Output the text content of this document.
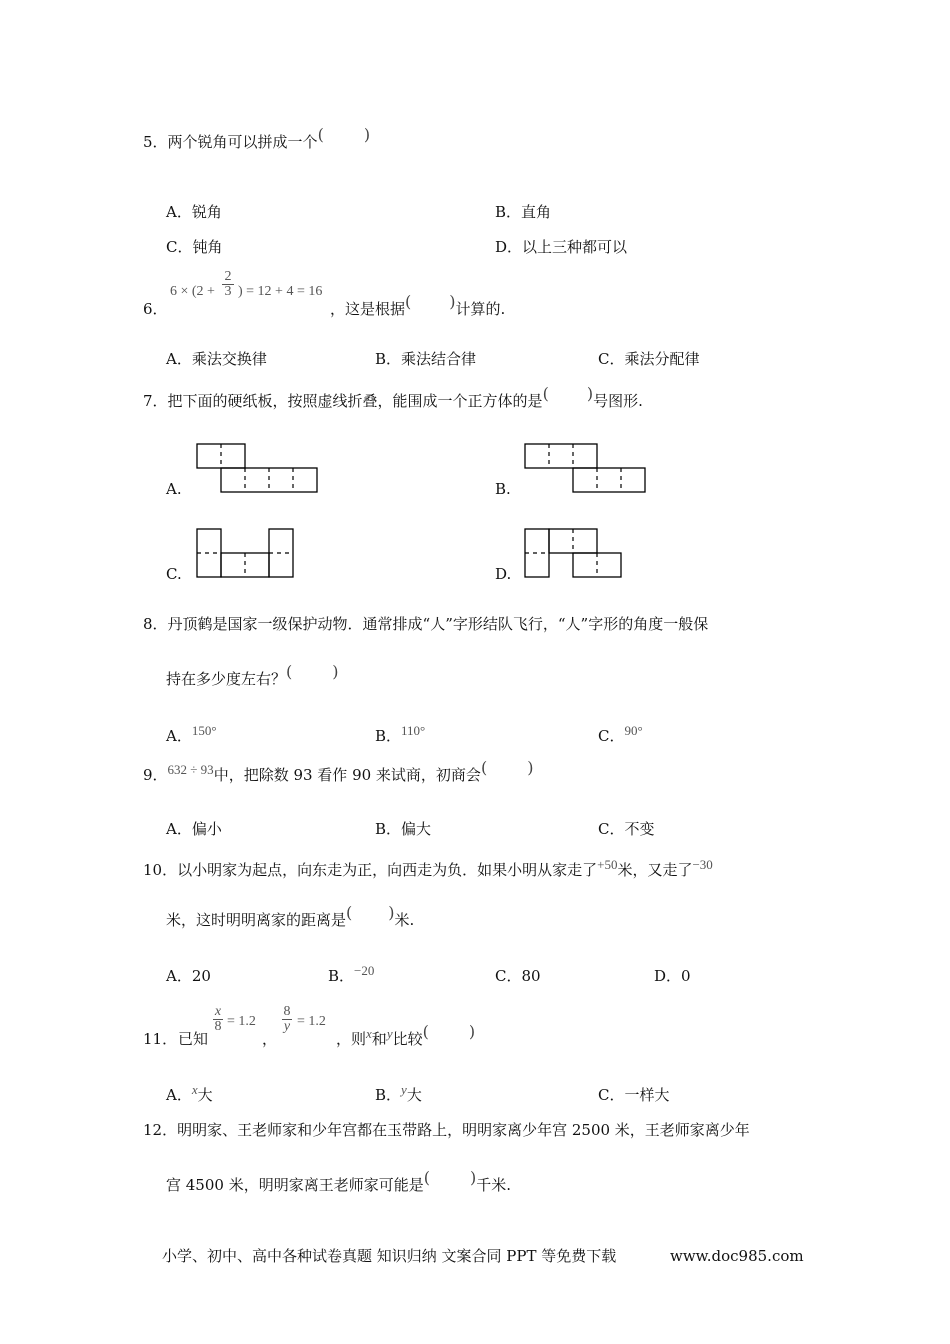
5．两个锐角可以拼成一个(	)
A．锐角	B．直角
C．钝角	D．以上三种都可以
6．
6 × (2 +
2
3 ) = 12 + 4 = 16
，这是根据( )计算的.
A．乘法交换律	B．乘法结合律	C．乘法分配律
7．把下面的硬纸板，按照虚线折叠，能围成一个正方体的是( )号图形.
A.	B.
C.	D.
8．丹顶鹤是国家一级保护动物．通常排成“人”字形结队飞行，“人”字形的角度一般保
持在多少度左右？(	)
A．150°	B．110°	C．90°
9．632 ÷ 93中，把除数 93 看作 90 来试商，初商会(	)
A．偏小	B．偏大	C．不变
10．以小明家为起点，向东走为正，向西走为负．如果小明从家走了+50米，又走了−30
米，这时明明离家的距离是( )米.
A．20	B．−20	C．80	D．0
11． 已知
x
8 = 1.2
，
8
y = 1.2
，则x和y比较(	)
A．x大	B．y大	C．一样大
12．明明家、王老师家和少年宫都在玉带路上，明明家离少年宫 2500 米，王老师家离少年
宫 4500 米，明明家离王老师家可能是(	)千米.
小学、初中、高中各种试卷真题 知识归纳 文案合同 PPT 等免费下载	www.doc985.com
